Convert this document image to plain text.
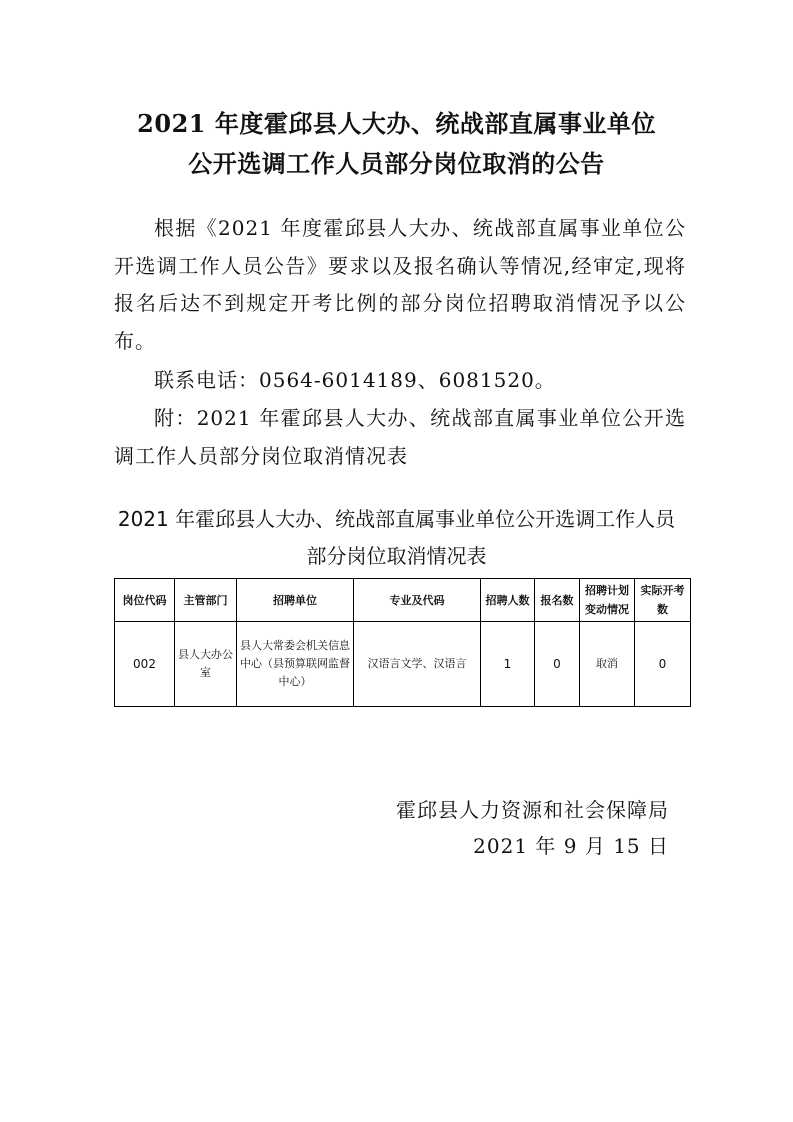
2021 年度霍邱县人大办、统战部直属事业单位
公开选调工作人员部分岗位取消的公告
根据《2021 年度霍邱县人大办、统战部直属事业单位公开选调工作人员公告》要求以及报名确认等情况,经审定,现将报名后达不到规定开考比例的部分岗位招聘取消情况予以公布。
联系电话：0564-6014189、6081520。
附：2021 年霍邱县人大办、统战部直属事业单位公开选调工作人员部分岗位取消情况表
2021 年霍邱县人大办、统战部直属事业单位公开选调工作人员
部分岗位取消情况表
岗位代码	主管部门	招聘单位	专业及代码	招聘人数	报名数	招聘计划变动情况	实际开考数
002	县人大办公室	县人大常委会机关信息中心（县预算联网监督中心）	汉语言文学、汉语言	1	0	取消	0
霍邱县人力资源和社会保障局
2021 年 9 月 15 日
